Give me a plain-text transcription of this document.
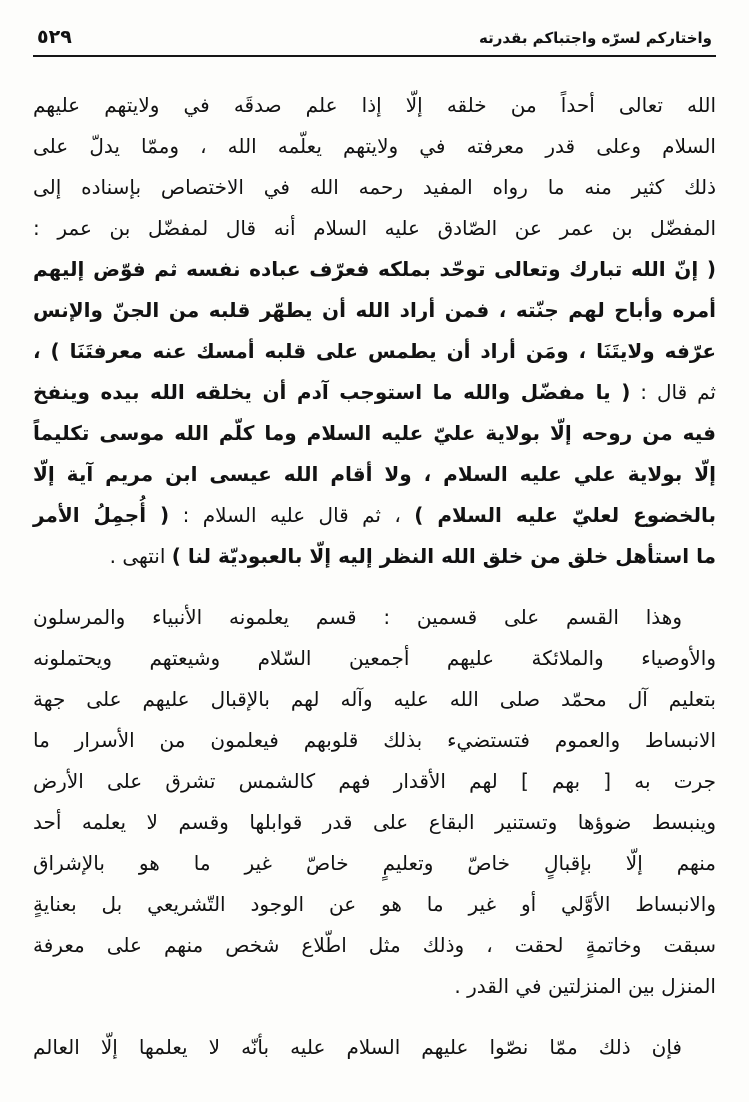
٥٢٩	واختاركم لسرّه واجتباكم بقدرته
الله تعالى أحداً من خلقه إلّا إذا علم صدقَه في ولايتهم عليهم
السلام وعلى قدر معرفته في ولايتهم يعلّمه الله ، وممّا يدلّ على
ذلك كثير منه ما رواه المفيد رحمه الله في الاختصاص بإسناده إلى
المفضّل بن عمر عن الصّادق عليه السلام أنه قال لمفضّل بن عمر :
( إنّ الله تبارك وتعالى توحّد بملكه فعرّف عباده نفسه ثم فوّض إليهم
أمره وأباح لهم جنّته ، فمن أراد الله أن يطهّر قلبه من الجنّ والإنس
عرّفه ولايتَنَا ، ومَن أراد أن يطمس على قلبه أمسك عنه معرفتَنَا ) ،
ثم قال : ( يا مفضّل والله ما استوجب آدم أن يخلقه الله بيده وينفخ
فيه من روحه إلّا بولاية عليّ عليه السلام وما كلّم الله موسى تكليماً
إلّا بولاية علي عليه السلام ، ولا أقام الله عيسى ابن مريم آية إلّا
بالخضوع لعليّ عليه السلام ) ، ثم قال عليه السلام : ( أُجمِلُ الأمر
ما استأهل خلق من خلق الله النظر إليه إلّا بالعبوديّة لنا ) انتهى .
وهذا القسم على قسمين : قسم يعلمونه الأنبياء والمرسلون
والأوصياء والملائكة عليهم أجمعين السّلام وشيعتهم ويحتملونه
بتعليم آل محمّد صلى الله عليه وآله لهم بالإقبال عليهم على جهة
الانبساط والعموم فتستضيء بذلك قلوبهم فيعلمون من الأسرار ما
جرت به [ بهم ] لهم الأقدار فهم كالشمس تشرق على الأرض
وينبسط ضوؤها وتستنير البقاع على قدر قوابلها وقسم لا يعلمه أحد
منهم إلّا بإقبالٍ خاصّ وتعليمٍ خاصّ غير ما هو بالإشراق
والانبساط الأوَّلي أو غير ما هو عن الوجود التّشريعي بل بعنايةٍ
سبقت وخاتمةٍ لحقت ، وذلك مثل اطّلاع شخص منهم على معرفة
المنزل بين المنزلتين في القدر .
فإن ذلك ممّا نصّوا عليهم السلام عليه بأنّه لا يعلمها إلّا العالم
